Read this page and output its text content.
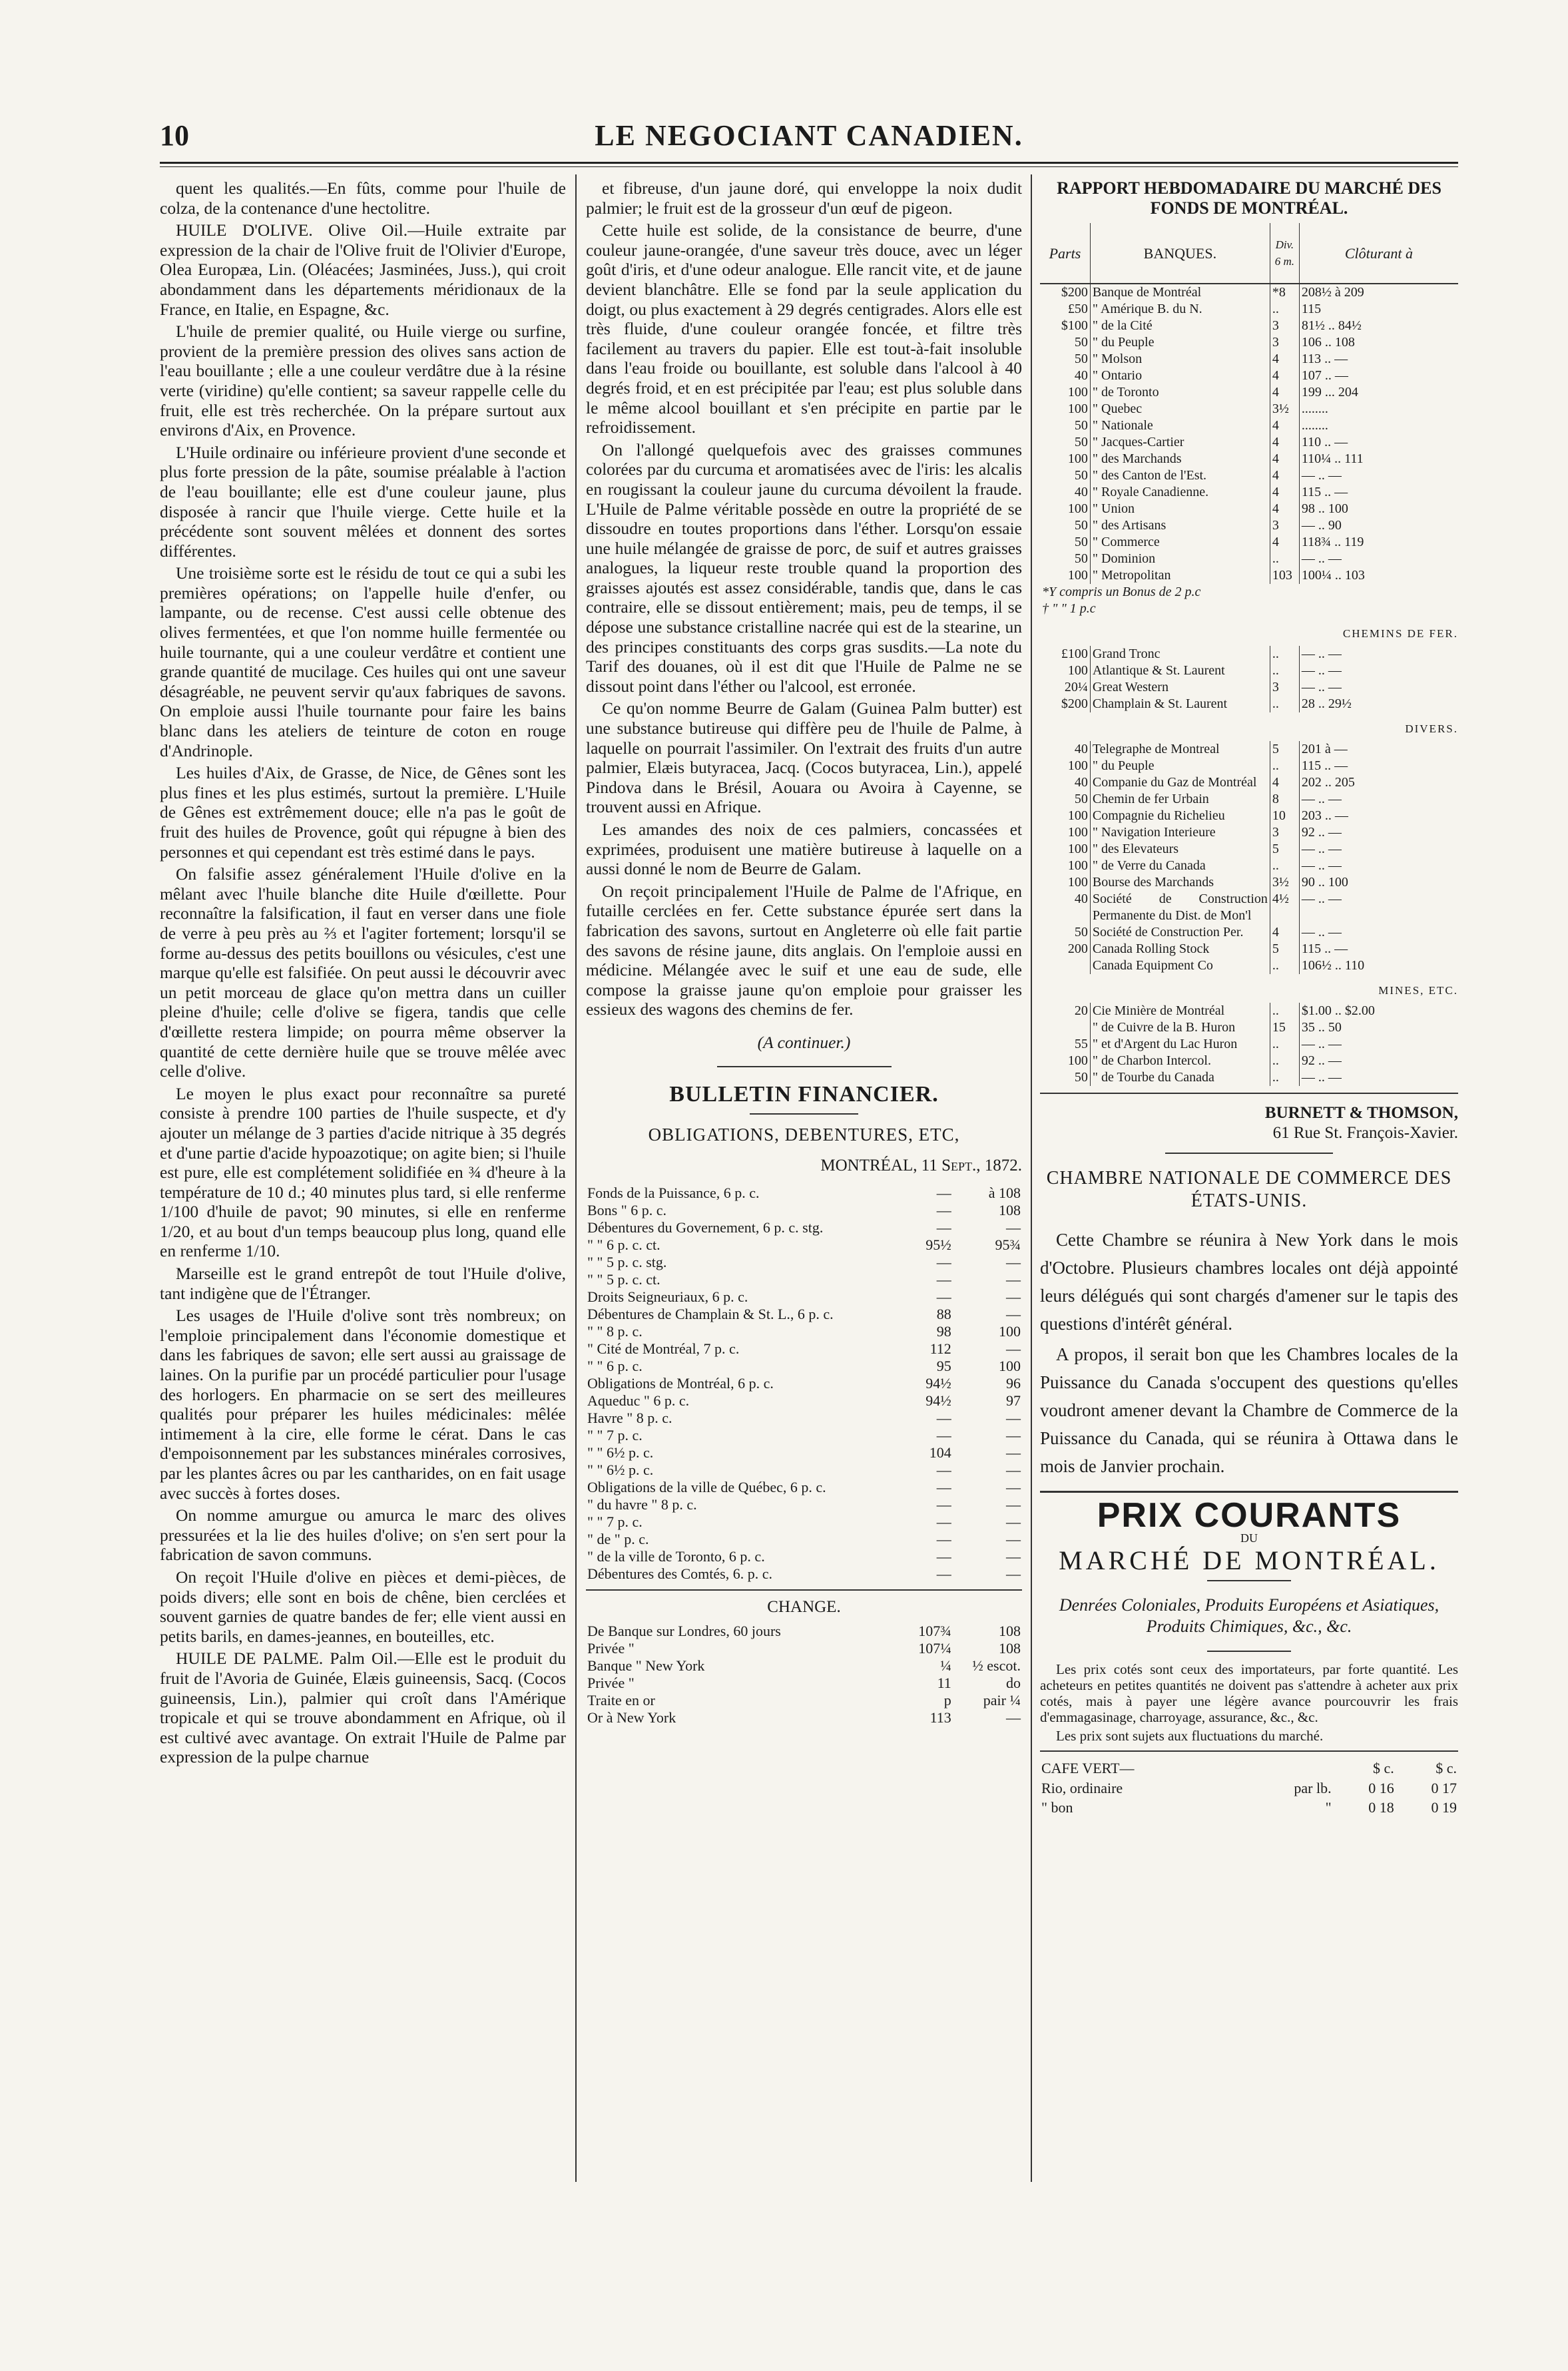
10	LE NEGOCIANT CANADIEN.

quent les qualités.—En fûts, comme pour l'huile de colza, de la contenance d'une hectolitre.

HUILE D'OLIVE. Olive Oil.—Huile extraite par expression de la chair de l'Olive fruit de l'Olivier d'Europe, Olea Europæa, Lin. (Oléacées; Jasminées, Juss.), qui croit abondamment dans les départements méridionaux de la France, en Italie, en Espagne, &c.

L'huile de premier qualité, ou Huile vierge ou surfine, provient de la première pression des olives sans action de l'eau bouillante ; elle a une couleur verdâtre due à la résine verte (viridine) qu'elle contient; sa saveur rappelle celle du fruit, elle est très recherchée. On la prépare surtout aux environs d'Aix, en Provence.

L'Huile ordinaire ou inférieure provient d'une seconde et plus forte pression de la pâte, soumise préalable à l'action de l'eau bouillante; elle est d'une couleur jaune, plus disposée à rancir que l'huile vierge. Cette huile et la précédente sont souvent mêlées et donnent des sortes différentes.

Une troisième sorte est le résidu de tout ce qui a subi les premières opérations; on l'appelle huile d'enfer, ou lampante, ou de recense. C'est aussi celle obtenue des olives fermentées, et que l'on nomme huille fermentée ou huile tournante, qui a une couleur verdâtre et contient une grande quantité de mucilage. Ces huiles qui ont une saveur désagréable, ne peuvent servir qu'aux fabriques de savons. On emploie aussi l'huile tournante pour faire les bains blanc dans les ateliers de teinture de coton en rouge d'Andrinople.

Les huiles d'Aix, de Grasse, de Nice, de Gênes sont les plus fines et les plus estimés, surtout la première. L'Huile de Gênes est extrêmement douce; elle n'a pas le goût de fruit des huiles de Provence, goût qui répugne à bien des personnes et qui cependant est très estimé dans le pays.

On falsifie assez généralement l'Huile d'olive en la mêlant avec l'huile blanche dite Huile d'œillette. Pour reconnaître la falsification, il faut en verser dans une fiole de verre à peu près au ⅔ et l'agiter fortement; lorsqu'il se forme au-dessus des petits bouillons ou vésicules, c'est une marque qu'elle est falsifiée. On peut aussi le découvrir avec un petit morceau de glace qu'on mettra dans un cuiller pleine d'huile; celle d'olive se figera, tandis que celle d'œillette restera limpide; on pourra même observer la quantité de cette dernière huile que se trouve mêlée avec celle d'olive.

Le moyen le plus exact pour reconnaître sa pureté consiste à prendre 100 parties de l'huile suspecte, et d'y ajouter un mélange de 3 parties d'acide nitrique à 35 degrés et d'une partie d'acide hypoazotique; on agite bien; si l'huile est pure, elle est complétement solidifiée en ¾ d'heure à la température de 10 d.; 40 minutes plus tard, si elle renferme 1/100 d'huile de pavot; 90 minutes, si elle en renferme 1/20, et au bout d'un temps beaucoup plus long, quand elle en renferme 1/10.

Marseille est le grand entrepôt de tout l'Huile d'olive, tant indigène que de l'Étranger.

Les usages de l'Huile d'olive sont très nombreux; on l'emploie principalement dans l'économie domestique et dans les fabriques de savon; elle sert aussi au graissage de laines. On la purifie par un procédé particulier pour l'usage des horlogers. En pharmacie on se sert des meilleures qualités pour préparer les huiles médicinales: mêlée intimement à la cire, elle forme le cérat. Dans le cas d'empoisonnement par les substances minérales corrosives, par les plantes âcres ou par les cantharides, on en fait usage avec succès à fortes doses.

On nomme amurgue ou amurca le marc des olives pressurées et la lie des huiles d'olive; on s'en sert pour la fabrication de savon communs.

On reçoit l'Huile d'olive en pièces et demi-pièces, de poids divers; elle sont en bois de chêne, bien cerclées et souvent garnies de quatre bandes de fer; elle vient aussi en petits barils, en dames-jeannes, en bouteilles, etc.

HUILE DE PALME. Palm Oil.—Elle est le produit du fruit de l'Avoria de Guinée, Elæis guineensis, Sacq. (Cocos guineensis, Lin.), palmier qui croît dans l'Amérique tropicale et qui se trouve abondamment en Afrique, où il est cultivé avec avantage. On extrait l'Huile de Palme par expression de la pulpe charnue

et fibreuse, d'un jaune doré, qui enveloppe la noix dudit palmier; le fruit est de la grosseur d'un œuf de pigeon.

Cette huile est solide, de la consistance de beurre, d'une couleur jaune-orangée, d'une saveur très douce, avec un léger goût d'iris, et d'une odeur analogue. Elle rancit vite, et de jaune devient blanchâtre. Elle se fond par la seule application du doigt, ou plus exactement à 29 degrés centigrades. Alors elle est très fluide, d'une couleur orangée foncée, et filtre très facilement au travers du papier. Elle est tout-à-fait insoluble dans l'eau froide ou bouillante, est soluble dans l'alcool à 40 degrés froid, et en est précipitée par l'eau; est plus soluble dans le même alcool bouillant et s'en précipite en partie par le refroidissement.

On l'allongé quelquefois avec des graisses communes colorées par du curcuma et aromatisées avec de l'iris: les alcalis en rougissant la couleur jaune du curcuma dévoilent la fraude. L'Huile de Palme véritable possède en outre la propriété de se dissoudre en toutes proportions dans l'éther. Lorsqu'on essaie une huile mélangée de graisse de porc, de suif et autres graisses analogues, la liqueur reste trouble quand la proportion des graisses ajoutés est assez considérable, tandis que, dans le cas contraire, elle se dissout entièrement; mais, peu de temps, il se dépose une substance cristalline nacrée qui est de la stearine, un des principes constituants des corps gras susdits.—La note du Tarif des douanes, où il est dit que l'Huile de Palme ne se dissout point dans l'éther ou l'alcool, est erronée.

Ce qu'on nomme Beurre de Galam (Guinea Palm butter) est une substance butireuse qui diffère peu de l'huile de Palme, à laquelle on pourrait l'assimiler. On l'extrait des fruits d'un autre palmier, Elæis butyracea, Jacq. (Cocos butyracea, Lin.), appelé Pindova dans le Brésil, Aouara ou Avoira à Cayenne, se trouvent aussi en Afrique.

Les amandes des noix de ces palmiers, concassées et exprimées, produisent une matière butireuse à laquelle on a aussi donné le nom de Beurre de Galam.

On reçoit principalement l'Huile de Palme de l'Afrique, en futaille cerclées en fer. Cette substance épurée sert dans la fabrication des savons, surtout en Angleterre où elle fait partie des savons de résine jaune, dits anglais. On l'emploie aussi en médicine. Mélangée avec le suif et une eau de sude, elle compose la graisse jaune qu'on emploie pour graisser les essieux des wagons des chemins de fer.

(A continuer.)

BULLETIN FINANCIER.
OBLIGATIONS, DEBENTURES, ETC,
MONTRÉAL, 11 Sept., 1872.
Fonds de la Puissance, 6 p. c.	—	à 108
Bons " 6 p. c.	—	108
Débentures du Governement, 6 p. c. stg.	—	—
" " 6 p. c. ct.	95½	95¾
" " 5 p. c. stg.	—	—
" " 5 p. c. ct.	—	—
Droits Seigneuriaux, 6 p. c.	—	—
Débentures de Champlain & St. L., 6 p. c.	88	—
" " 8 p. c.	98	100
" Cité de Montréal, 7 p. c.	112	—
" " 6 p. c.	95	100
Obligations de Montréal, 6 p. c.	94½	96
Aqueduc " 6 p. c.	94½	97
Havre " 8 p. c.	—	—
" " 7 p. c.	—	—
" " 6½ p. c.	104	—
" " 6½ p. c.	—	—
Obligations de la ville de Québec, 6 p. c.	—	—
" du havre " 8 p. c.	—	—
" " 7 p. c.	—	—
" de " p. c.	—	—
" de la ville de Toronto, 6 p. c.	—	—
Débentures des Comtés, 6. p. c.	—	—
CHANGE.
De Banque sur Londres, 60 jours	107¾	108
Privée "	107¼	108
Banque " New York	¼	½ escot.
Privée "	11	do
Traite en or	p	pair ¼
Or à New York	113	—
RAPPORT HEBDOMADAIRE DU MARCHÉ DES FONDS DE MONTRÉAL.
Parts	BANQUES.	Div. 6 m.	Clôturant à
$200	Banque de Montréal	*8	208½ à 209
£50	" Amérique B. du N.	..	115
$100	" de la Cité	3	81½ .. 84½
50	" du Peuple	3	106 .. 108
50	" Molson	4	113 .. —
40	" Ontario	4	107 .. —
100	" de Toronto	4	199 ... 204
100	" Quebec	3½	........
50	" Nationale	4	........
50	" Jacques-Cartier	4	110 .. —
100	" des Marchands	4	110¼ .. 111
50	" des Canton de l'Est.	4	— .. —
40	" Royale Canadienne.	4	115 .. —
100	" Union	4	98 .. 100
50	" des Artisans	3	— .. 90
50	" Commerce	4	118¾ .. 119
50	" Dominion	..	— .. —
100	" Metropolitan	103	100¼ .. 103
*Y compris un Bonus de 2 p.c			
† " " 1 p.c			
CHEMINS DE FER.			
£100	Grand Tronc	..	— .. —
100	Atlantique & St. Laurent	..	— .. —
20¼	Great Western	3	— .. —
$200	Champlain & St. Laurent	..	28 .. 29½
DIVERS.			
40	Telegraphe de Montreal	5	201 à —
100	" du Peuple	..	115 .. —
40	Companie du Gaz de Montréal	4	202 .. 205
50	Chemin de fer Urbain	8	— .. —
100	Compagnie du Richelieu	10	203 .. —
100	" Navigation Interieure	3	92 .. —
100	" des Elevateurs	5	— .. —
100	" de Verre du Canada	..	— .. —
100	Bourse des Marchands	3½	90 .. 100
40	Société de Construction Permanente du Dist. de Mon'l	4½	— .. —
50	Société de Construction Per.	4	— .. —
200	Canada Rolling Stock	5	115 .. —
	Canada Equipment Co	..	106½ .. 110
MINES, ETC.			
20	Cie Minière de Montréal	..	$1.00 .. $2.00
	" de Cuivre de la B. Huron	15	35 .. 50
55	" et d'Argent du Lac Huron	..	— .. —
100	" de Charbon Intercol.	..	92 .. —
50	" de Tourbe du Canada	..	— .. —
BURNETT & THOMSON,
61 Rue St. François-Xavier.
CHAMBRE NATIONALE DE COMMERCE DES ÉTATS-UNIS.

Cette Chambre se réunira à New York dans le mois d'Octobre. Plusieurs chambres locales ont déjà appointé leurs délégués qui sont chargés d'amener sur le tapis des questions d'intérêt général.

A propos, il serait bon que les Chambres locales de la Puissance du Canada s'occupent des questions qu'elles voudront amener devant la Chambre de Commerce de la Puissance du Canada, qui se réunira à Ottawa dans le mois de Janvier prochain.

PRIX COURANTS
DU
MARCHÉ DE MONTRÉAL.
Denrées Coloniales, Produits Européens et Asiatiques, Produits Chimiques, &c., &c.

Les prix cotés sont ceux des importateurs, par forte quantité. Les acheteurs en petites quantités ne doivent pas s'attendre à acheter aux prix cotés, mais à payer une légère avance pourcouvrir les frais d'emmagasinage, charroyage, assurance, &c., &c.

Les prix sont sujets aux fluctuations du marché.

CAFE VERT—		$ c.	$ c.
Rio, ordinaire	par lb.	0 16	0 17
" bon	"	0 18	0 19
